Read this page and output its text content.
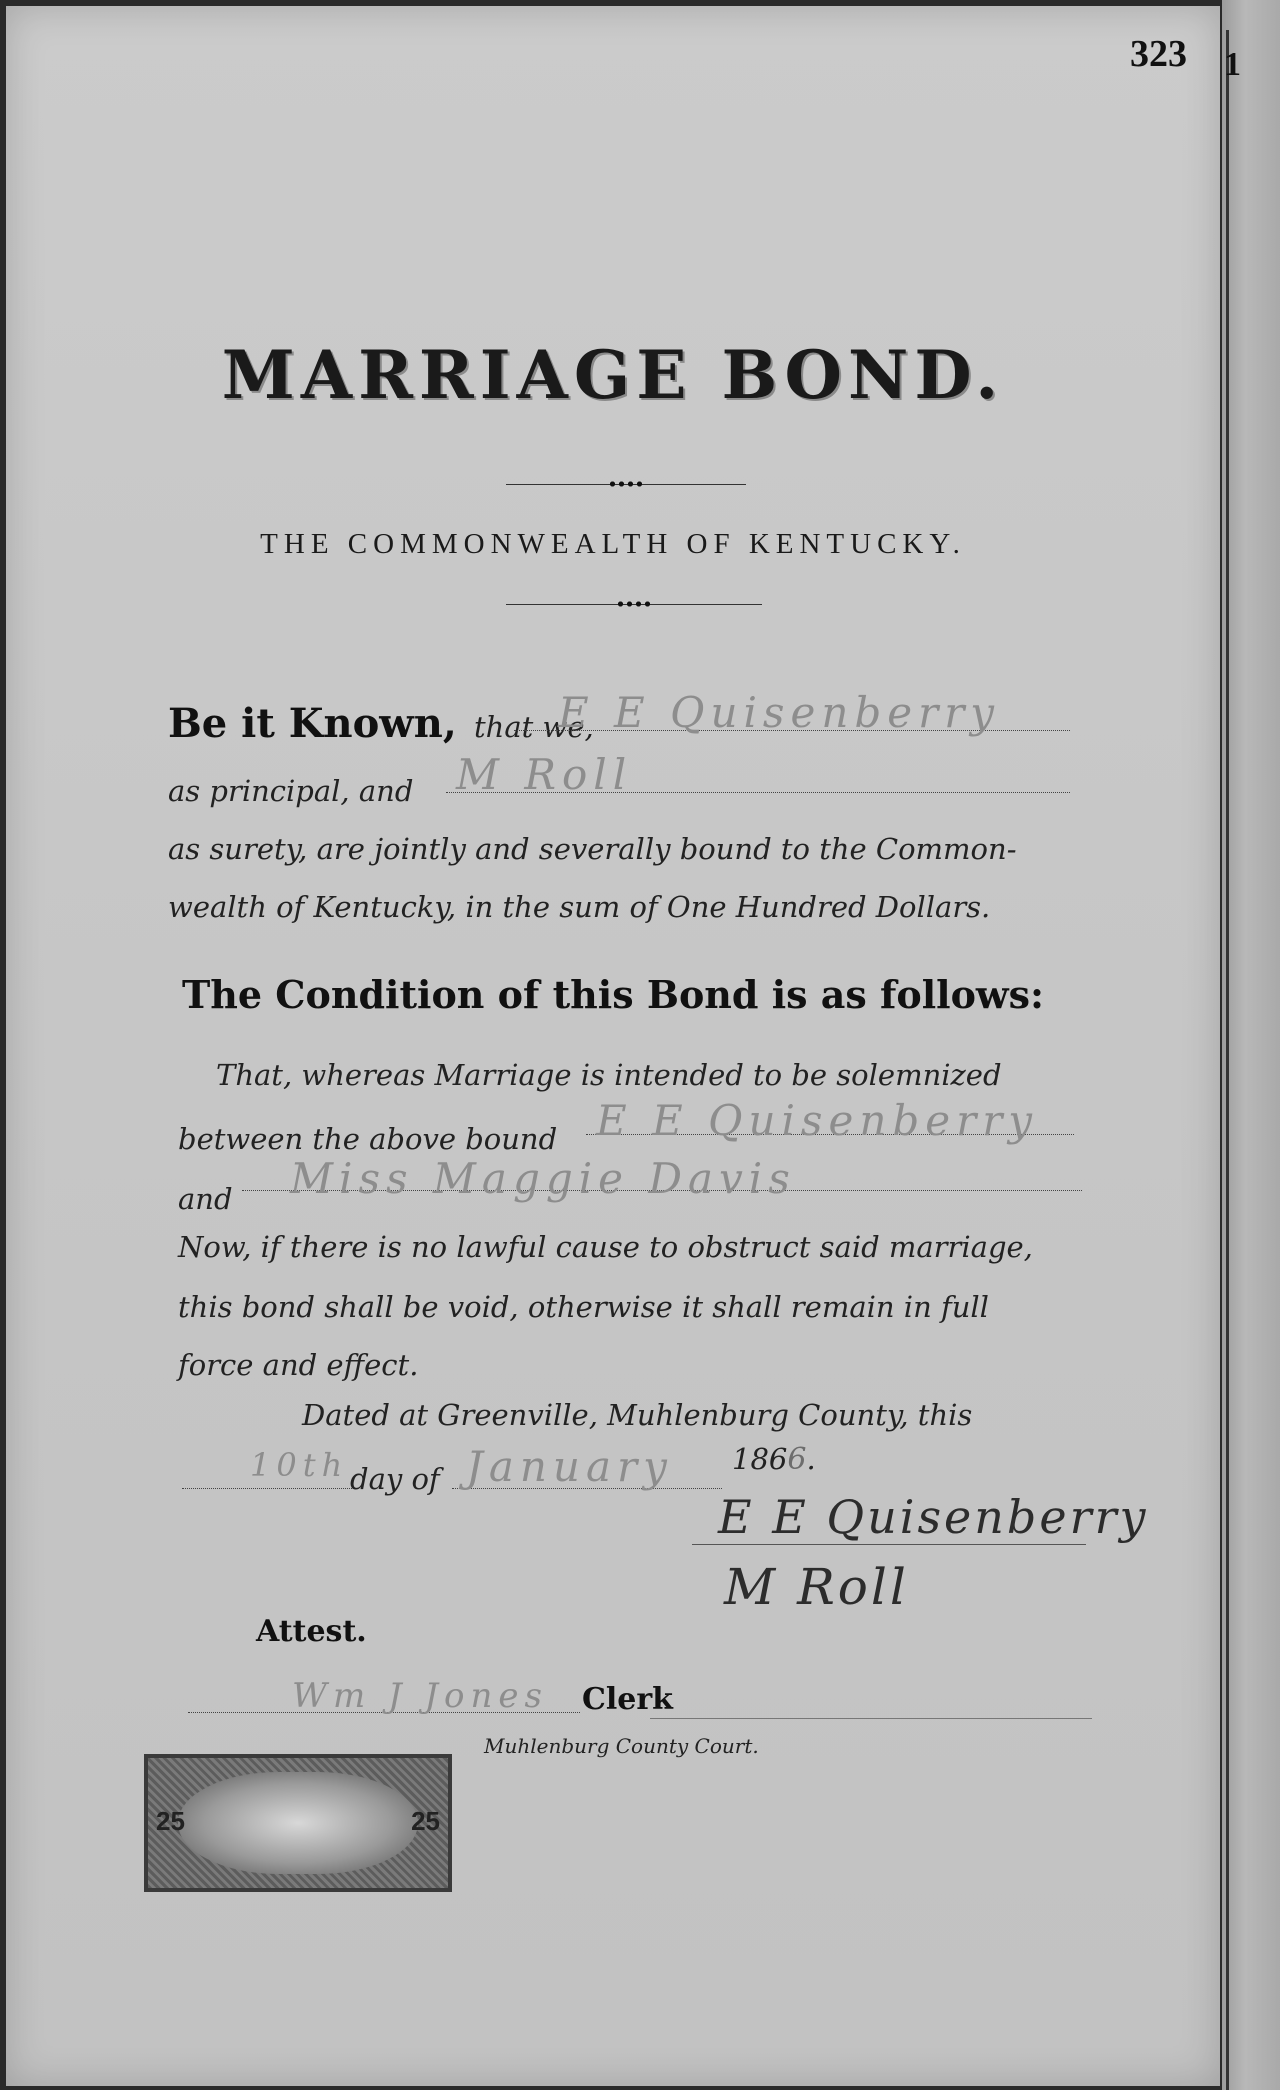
323
MARRIAGE BOND.
THE COMMONWEALTH OF KENTUCKY.
Be it Known, that we,
E E Quisenberry
as principal, and M Roll
as surety, are jointly and severally bound to the Common-
wealth of Kentucky, in the sum of One Hundred Dollars.
The Condition of this Bond is as follows:
That, whereas Marriage is intended to be solemnized
between the above bound E E Quisenberry
and Miss Maggie Davis
Now, if there is no lawful cause to obstruct said marriage,
this bond shall be void, otherwise it shall remain in full
force and effect.
Dated at Greenville, Muhlenburg County, this
10th day of January 1866.
E E Quisenberry
M Roll
Attest.
Wm J Jones Clerk
Muhlenburg County Court.
25	25
1
